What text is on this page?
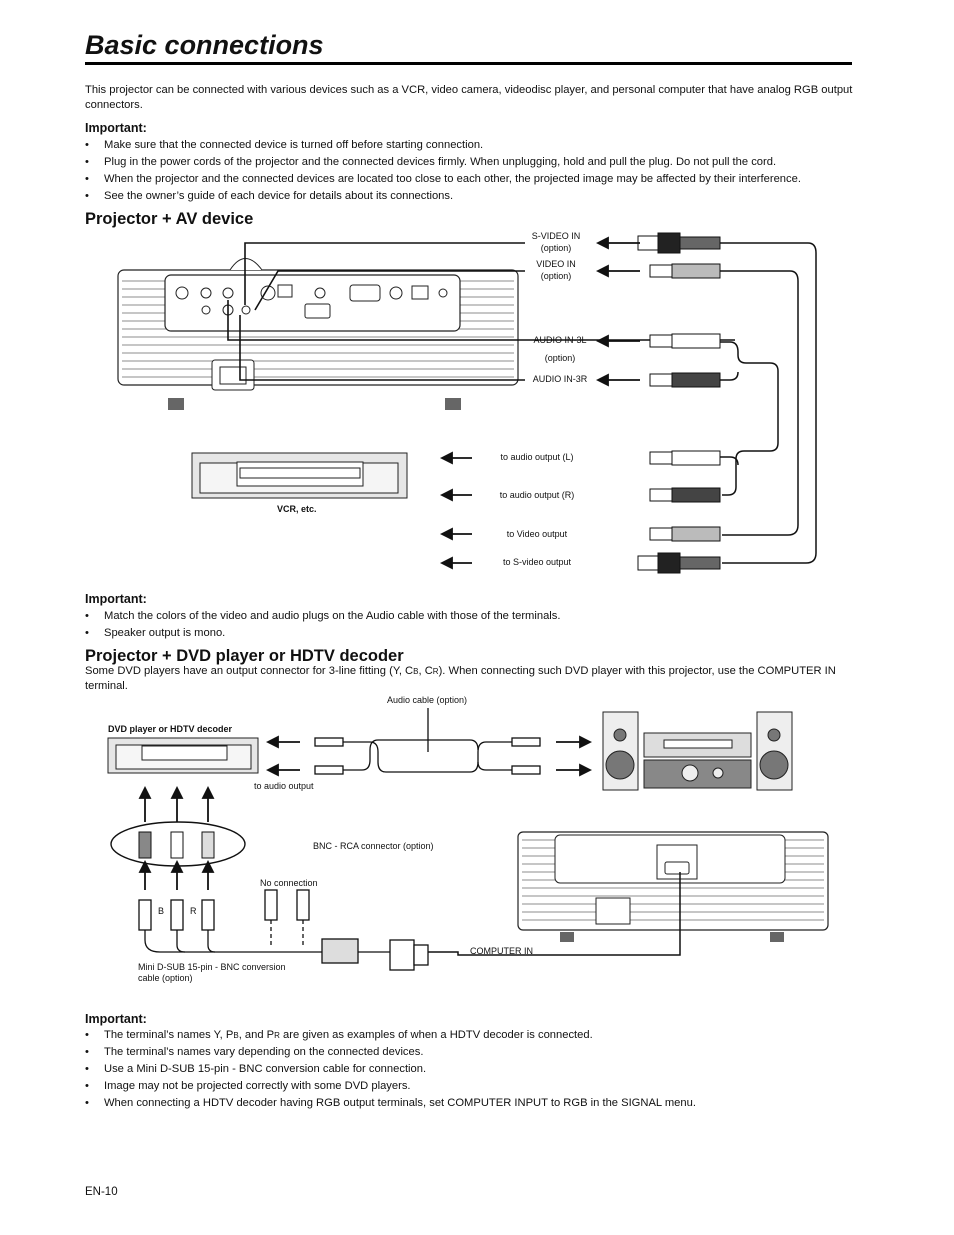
Basic connections
This projector can be connected with various devices such as a VCR, video camera, videodisc player, and personal computer that have analog RGB output connectors.
Important:
• Make sure that the connected device is turned off before starting connection.
• Plug in the power cords of the projector and the connected devices firmly. When unplugging, hold and pull the plug. Do not pull the cord.
• When the projector and the connected devices are located too close to each other, the projected image may be affected by their interference.
• See the owner’s guide of each device for details about its connections.
Projector + AV device
S-VIDEO IN
(option)
VIDEO IN
(option)
AUDIO IN-3L
(option)
AUDIO IN-3R
to audio output (L)
to audio output (R)
to Video output
to S-video output
VCR, etc.
Important:
• Match the colors of the video and audio plugs on the Audio cable with those of the terminals.
• Speaker output is mono.
Projector + DVD player or HDTV decoder
Some DVD players have an output connector for 3-line fitting (Y, CB, CR). When connecting such DVD player with this projector, use the COMPUTER IN terminal.
Audio cable (option)
DVD player or HDTV decoder
to audio output
BNC - RCA connector (option)
No connection
B	R
COMPUTER IN
Mini D-SUB 15-pin - BNC conversion cable (option)
Important:
• The terminal’s names Y, PB, and PR are given as examples of when a HDTV decoder is connected.
• The terminal’s names vary depending on the connected devices.
• Use a Mini D-SUB 15-pin - BNC conversion cable for connection.
• Image may not be projected correctly with some DVD players.
• When connecting a HDTV decoder having RGB output terminals, set COMPUTER INPUT to RGB in the SIGNAL menu.
EN-10
